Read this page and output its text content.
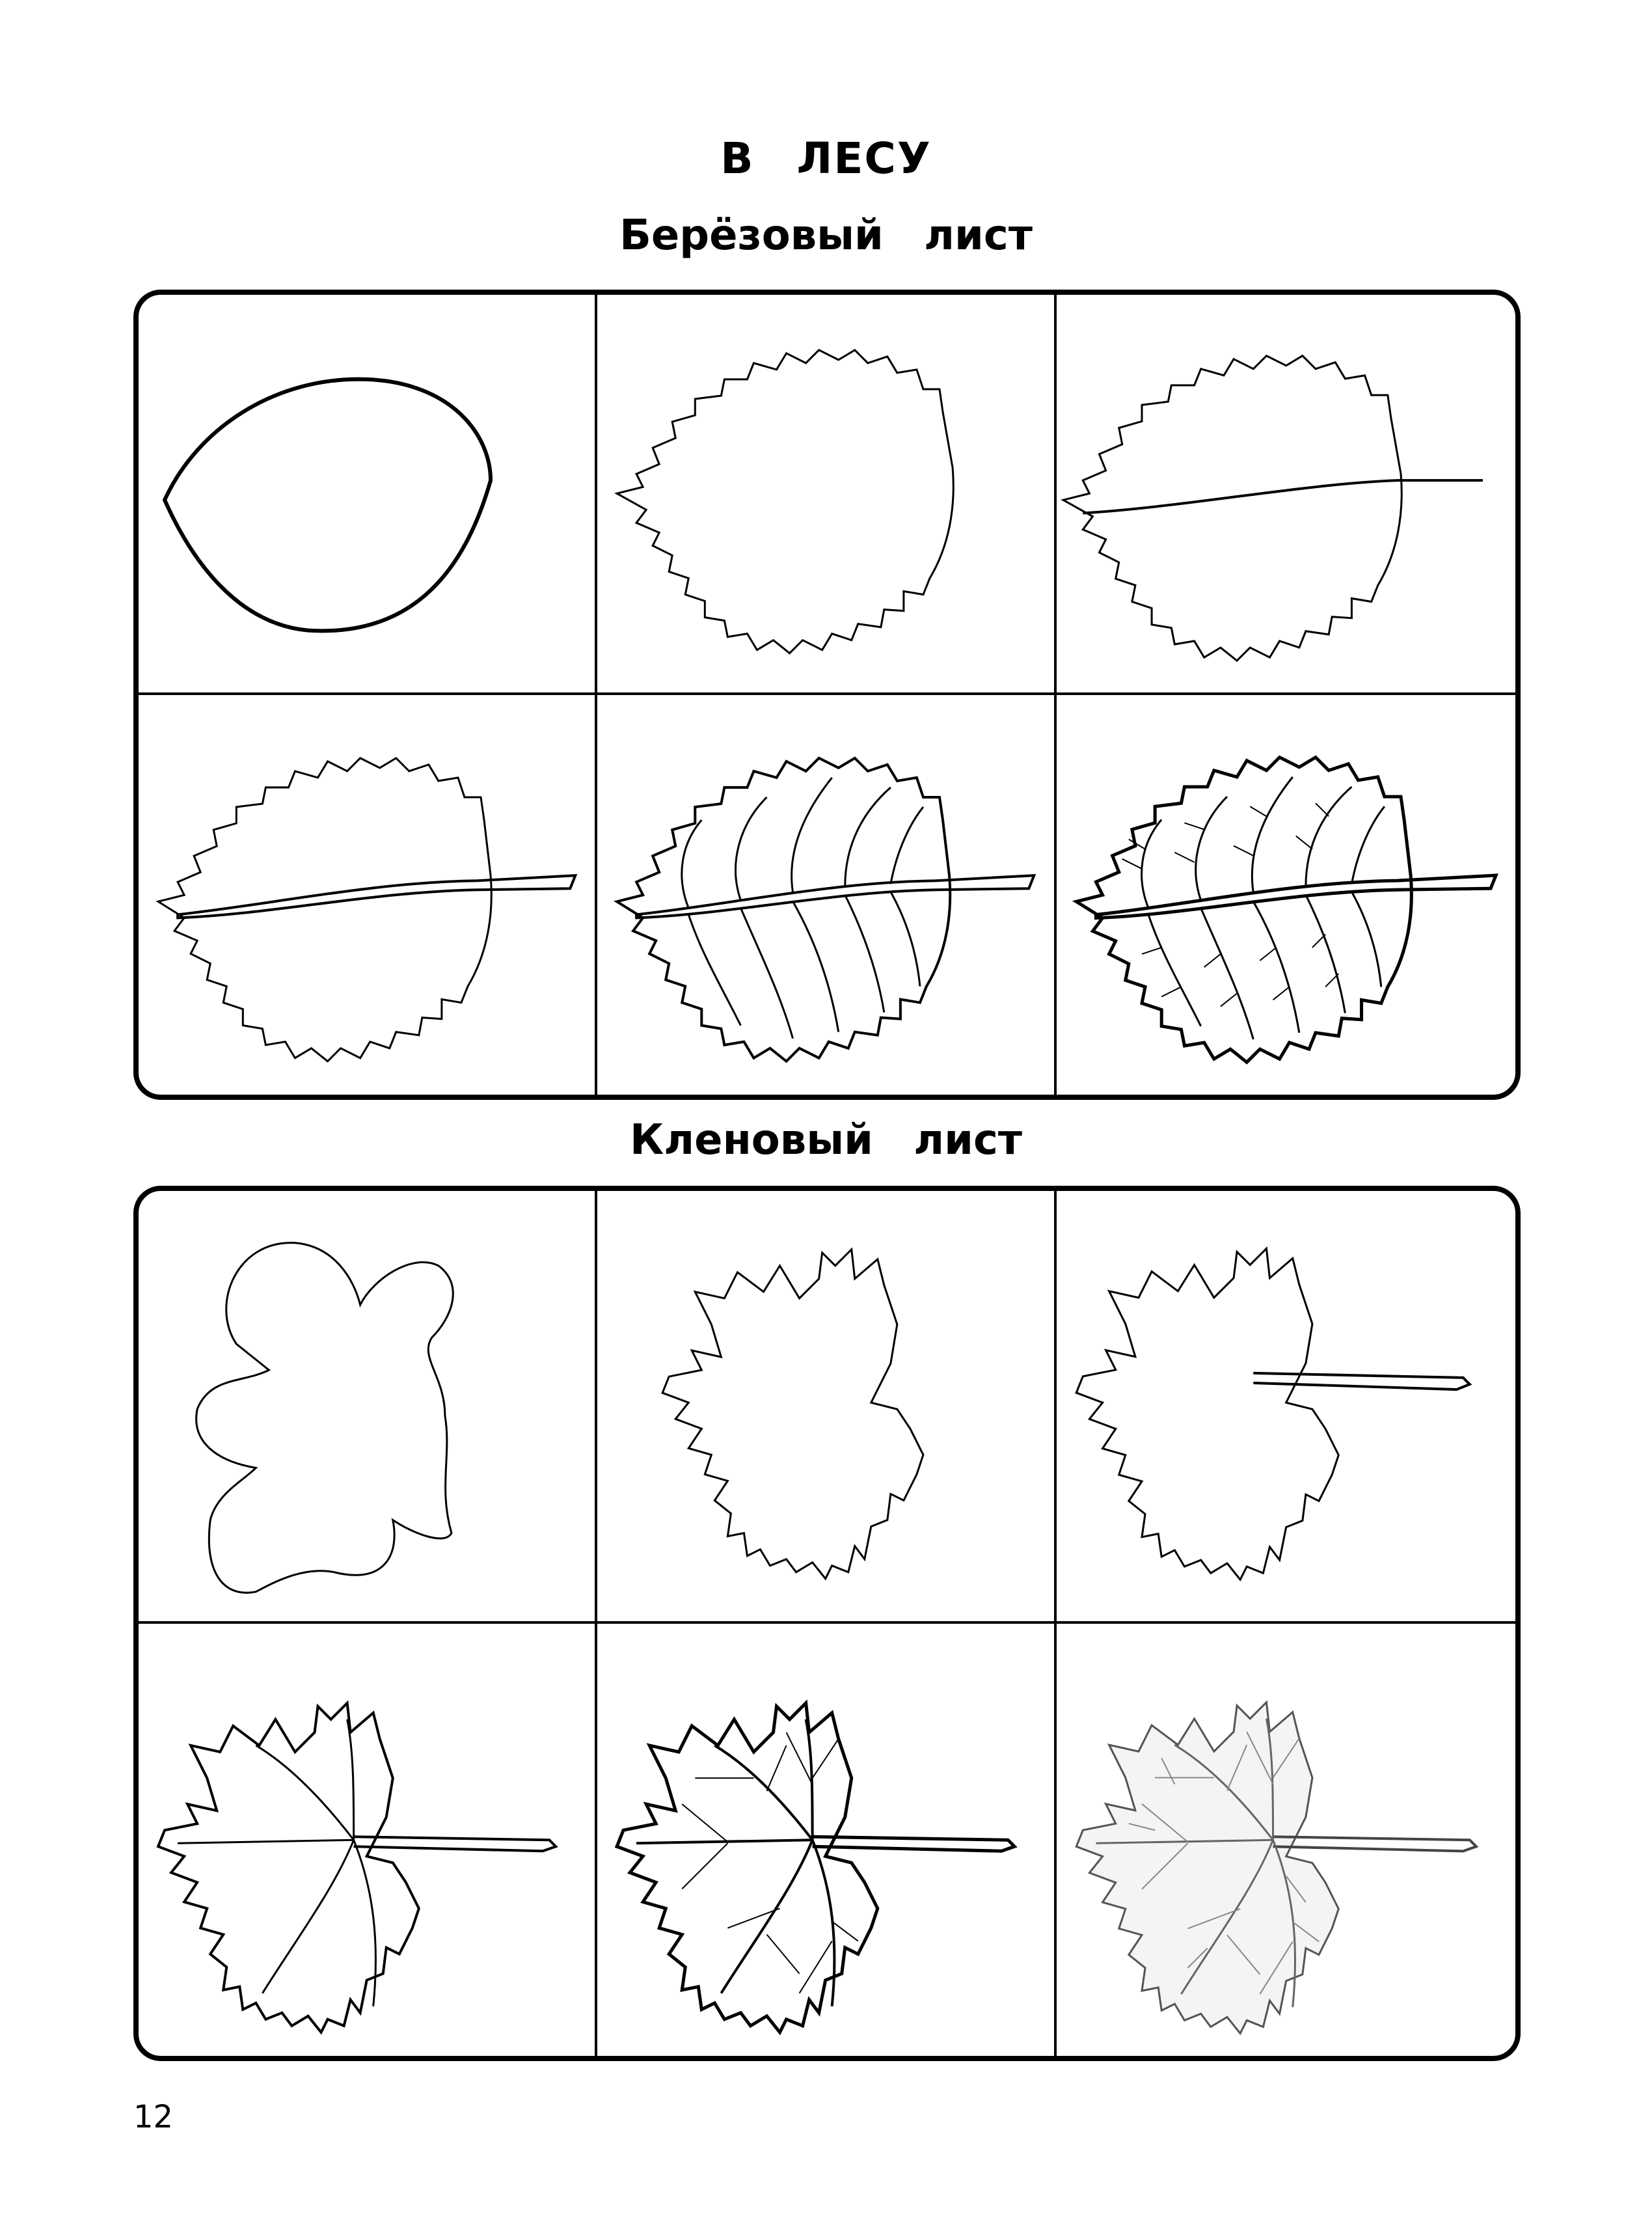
В ЛЕСУ
Берёзовый лист
Кленовый лист
12
